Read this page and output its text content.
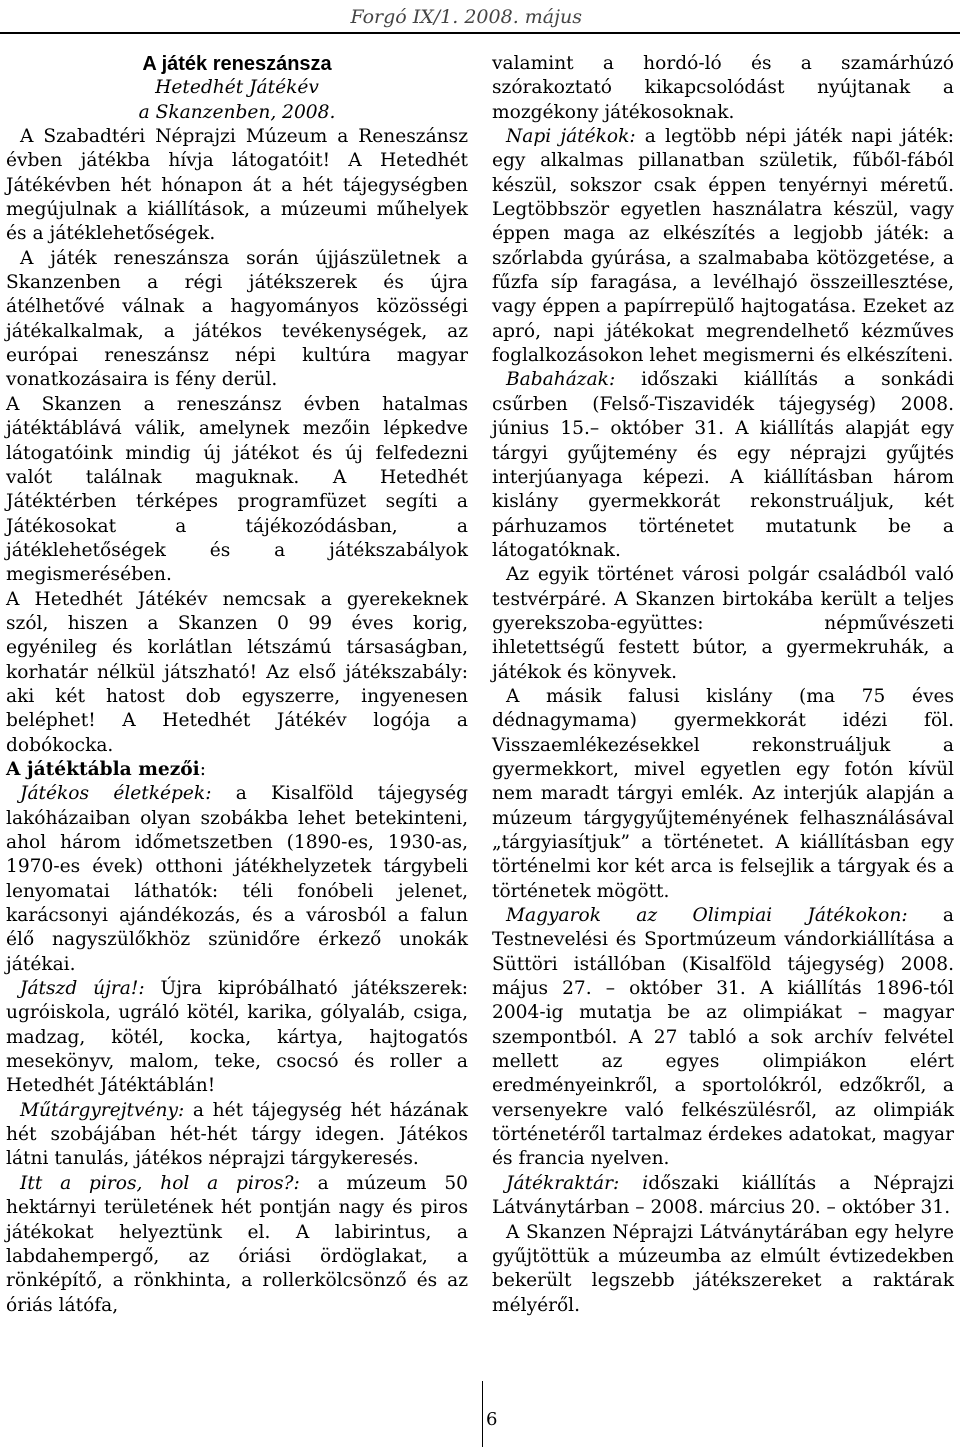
Forgó IX/1. 2008. május
A játék reneszánsza
Hetedhét Játékév
a Skanzenben, 2008.

A Szabadtéri Néprajzi Múzeum a Reneszánsz évben játékba hívja látogatóit! A Hetedhét Játékévben hét hónapon át a hét tájegységben megújulnak a kiállítások, a múzeumi műhelyek és a játéklehetőségek.

A játék reneszánsza során újjászületnek a Skanzenben a régi játékszerek és újra átélhetővé válnak a hagyományos közösségi játékalkalmak, a játékos tevékenységek, az európai reneszánsz népi kultúra magyar vonatkozásaira is fény derül.

A Skanzen a reneszánsz évben hatalmas játéktáblává válik, amelynek mezőin lépkedve látogatóink mindig új játékot és új felfedezni valót találnak maguknak. A Hetedhét Játéktérben térképes programfüzet segíti a Játékosokat a tájékozódásban, a játéklehetőségek és a játékszabályok megismerésében.

A Hetedhét Játékév nemcsak a gyerekeknek szól, hiszen a Skanzen 0 99 éves korig, egyénileg és korlátlan létszámú társaságban, korhatár nélkül játszható! Az első játékszabály: aki két hatost dob egyszerre, ingyenesen beléphet! A Hetedhét Játékév logója a dobókocka.

A játéktábla mezői:

Játékos életképek: a Kisalföld tájegység lakóházaiban olyan szobákba lehet betekinteni, ahol három időmetszetben (1890-es, 1930-as, 1970-es évek) otthoni játékhelyzetek tárgybeli lenyomatai láthatók: téli fonóbeli jelenet, karácsonyi ajándékozás, és a városból a falun élő nagyszülőkhöz szünidőre érkező unokák játékai.

Játszd újra!: Újra kipróbálható játékszerek: ugróiskola, ugráló kötél, karika, gólyaláb, csiga, madzag, kötél, kocka, kártya, hajtogatós mesekönyv, malom, teke, csocsó és roller a Hetedhét Játéktáblán!

Műtárgyrejtvény: a hét tájegység hét házának hét szobájában hét-hét tárgy idegen. Játékos látni tanulás, játékos néprajzi tárgykeresés.

Itt a piros, hol a piros?: a múzeum 50 hektárnyi területének hét pontján nagy és piros játékokat helyeztünk el. A labirintus, a labdahempergő, az óriási ördöglakat, a rönképítő, a rönkhinta, a rollerkölcsönző és az óriás látófa,

valamint a hordó-ló és a szamárhúzó szórakoztató kikapcsolódást nyújtanak a mozgékony játékosoknak.

Napi játékok: a legtöbb népi játék napi játék: egy alkalmas pillanatban születik, fűből-fából készül, sokszor csak éppen tenyérnyi méretű. Legtöbbször egyetlen használatra készül, vagy éppen maga az elkészítés a legjobb játék: a szőrlabda gyúrása, a szalmababa kötözgetése, a fűzfa síp faragása, a levélhajó összeillesztése, vagy éppen a papírrepülő hajtogatása. Ezeket az apró, napi játékokat megrendelhető kézműves foglalkozásokon lehet megismerni és elkészíteni.

Babaházak: időszaki kiállítás a sonkádi csűrben (Felső-Tiszavidék tájegység) 2008. június 15.– október 31. A kiállítás alapját egy tárgyi gyűjtemény és egy néprajzi gyűjtés interjúanyaga képezi. A kiállításban három kislány gyermekkorát rekonstruáljuk, két párhuzamos történetet mutatunk be a látogatóknak.

Az egyik történet városi polgár családból való testvérpáré. A Skanzen birtokába került a teljes gyerekszoba-együttes: népművészeti ihletettségű festett bútor, a gyermekruhák, a játékok és könyvek.

A másik falusi kislány (ma 75 éves dédnagymama) gyermekkorát idézi föl. Visszaemlékezésekkel rekonstruáljuk a gyermekkort, mivel egyetlen egy fotón kívül nem maradt tárgyi emlék. Az interjúk alapján a múzeum tárgygyűjteményének felhasználásával „tárgyiasítjuk” a történetet. A kiállításban egy történelmi kor két arca is felsejlik a tárgyak és a történetek mögött.

Magyarok az Olimpiai Játékokon: a Testnevelési és Sportmúzeum vándorkiállítása a Süttöri istállóban (Kisalföld tájegység) 2008. május 27. – október 31. A kiállítás 1896-tól 2004-ig mutatja be az olimpiákat – magyar szempontból. A 27 tabló a sok archív felvétel mellett az egyes olimpiákon elért eredményeinkről, a sportolókról, edzőkről, a versenyekre való felkészülésről, az olimpiák történetéről tartalmaz érdekes adatokat, magyar és francia nyelven.

Játékraktár: időszaki kiállítás a Néprajzi Látványtárban – 2008. március 20. – október 31.

A Skanzen Néprajzi Látványtárában egy helyre gyűjtöttük a múzeumba az elmúlt évtizedekben bekerült legszebb játékszereket a raktárak mélyéről.

6
